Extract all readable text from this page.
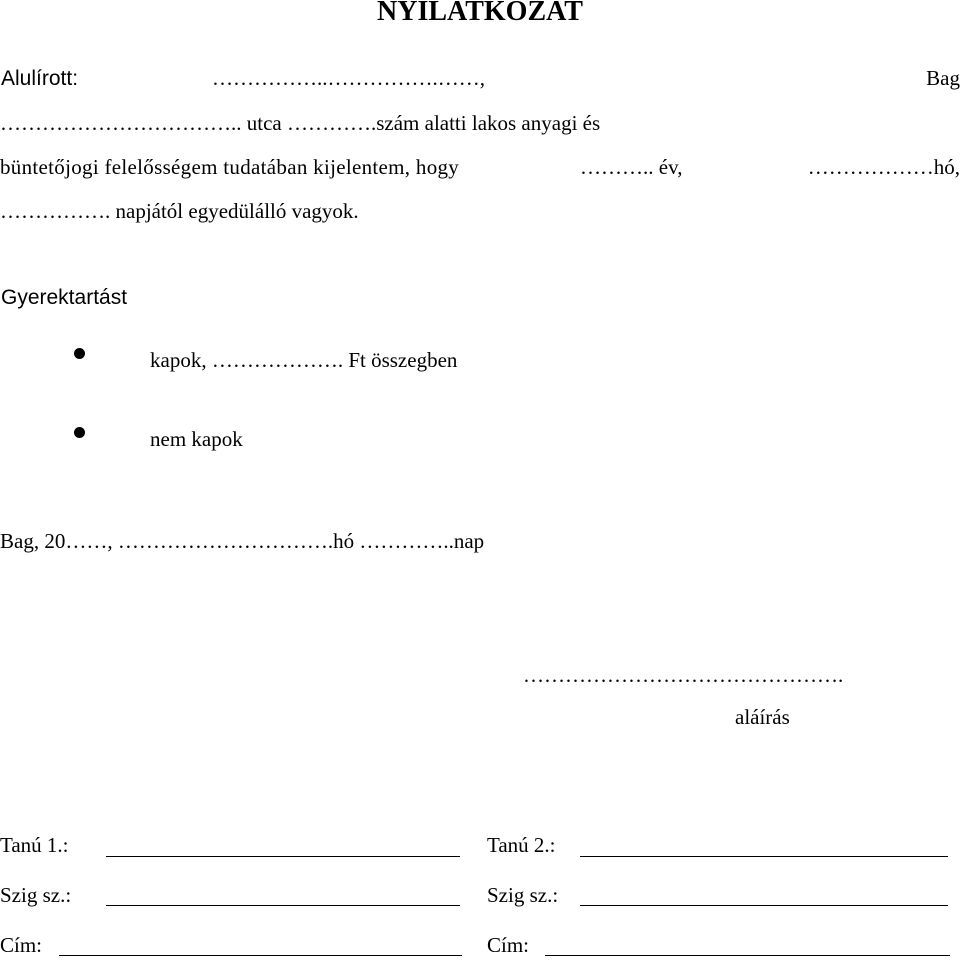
NYILATKOZAT
Alulírott:	……………..…………….……,	Bag
…………………………….. utca ………….szám alatti lakos anyagi és
büntetőjogi felelősségem tudatában kijelentem, hogy	……….. év,	………………hó,
……………. napjától egyedülálló vagyok.
Gyerektartást
kapok, ………………. Ft összegben
nem kapok
Bag, 20……, ………………………….hó …………..nap
……………………………………….
aláírás
Tanú 1.:
Szig sz.:
Cím:
Tanú 2.:
Szig sz.:
Cím:
